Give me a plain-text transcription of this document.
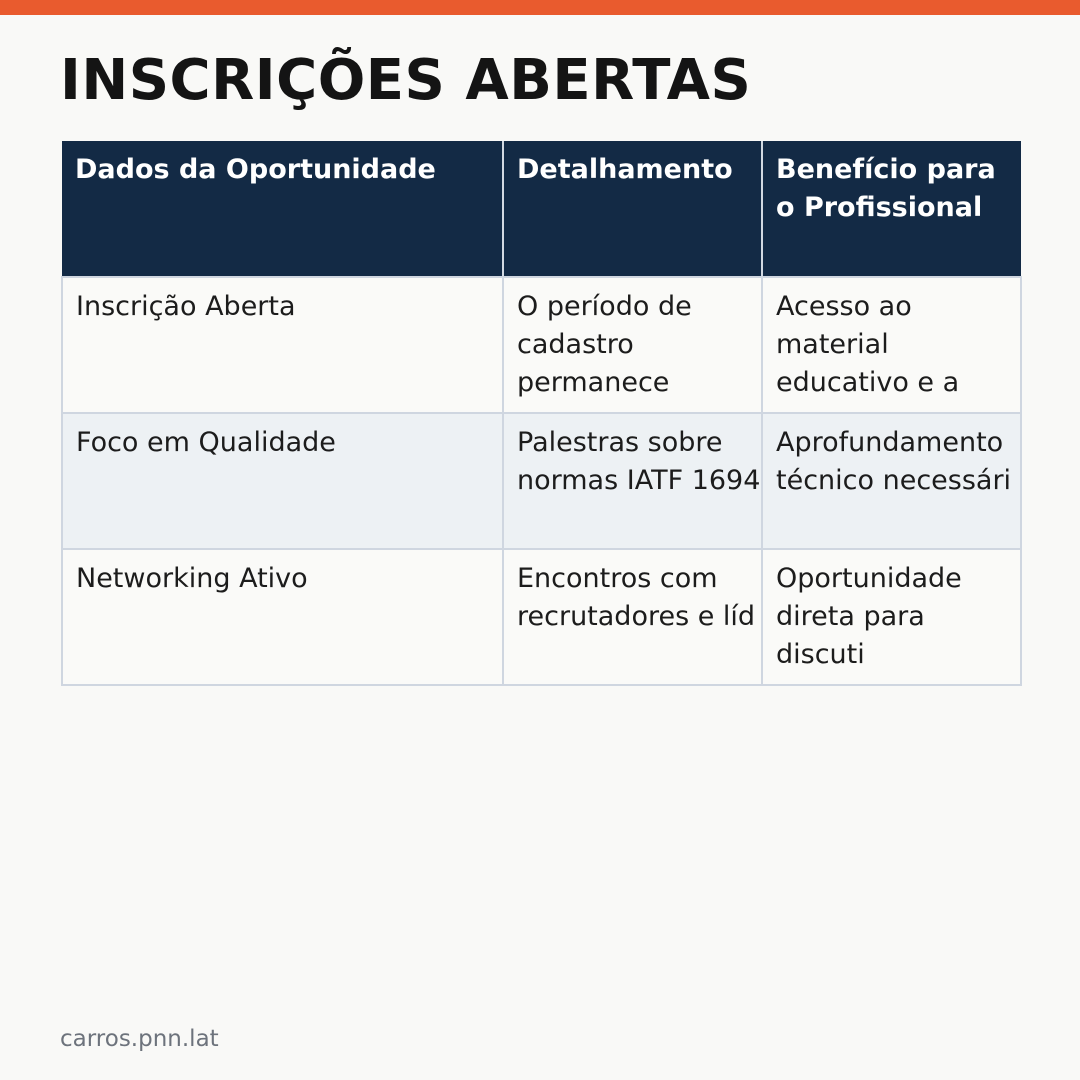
INSCRIÇÕES ABERTAS
Dados da Oportunidade	Detalhamento	Benefício para o Profissional

Inscrição Aberta	O período de cadastro permanece	Acesso ao material educativo e a

Foco em Qualidade	Palestras sobre normas IATF 1694	Aprofundamento técnico necessári

Networking Ativo	Encontros com recrutadores e líd	Oportunidade direta para discuti
carros.pnn.lat
